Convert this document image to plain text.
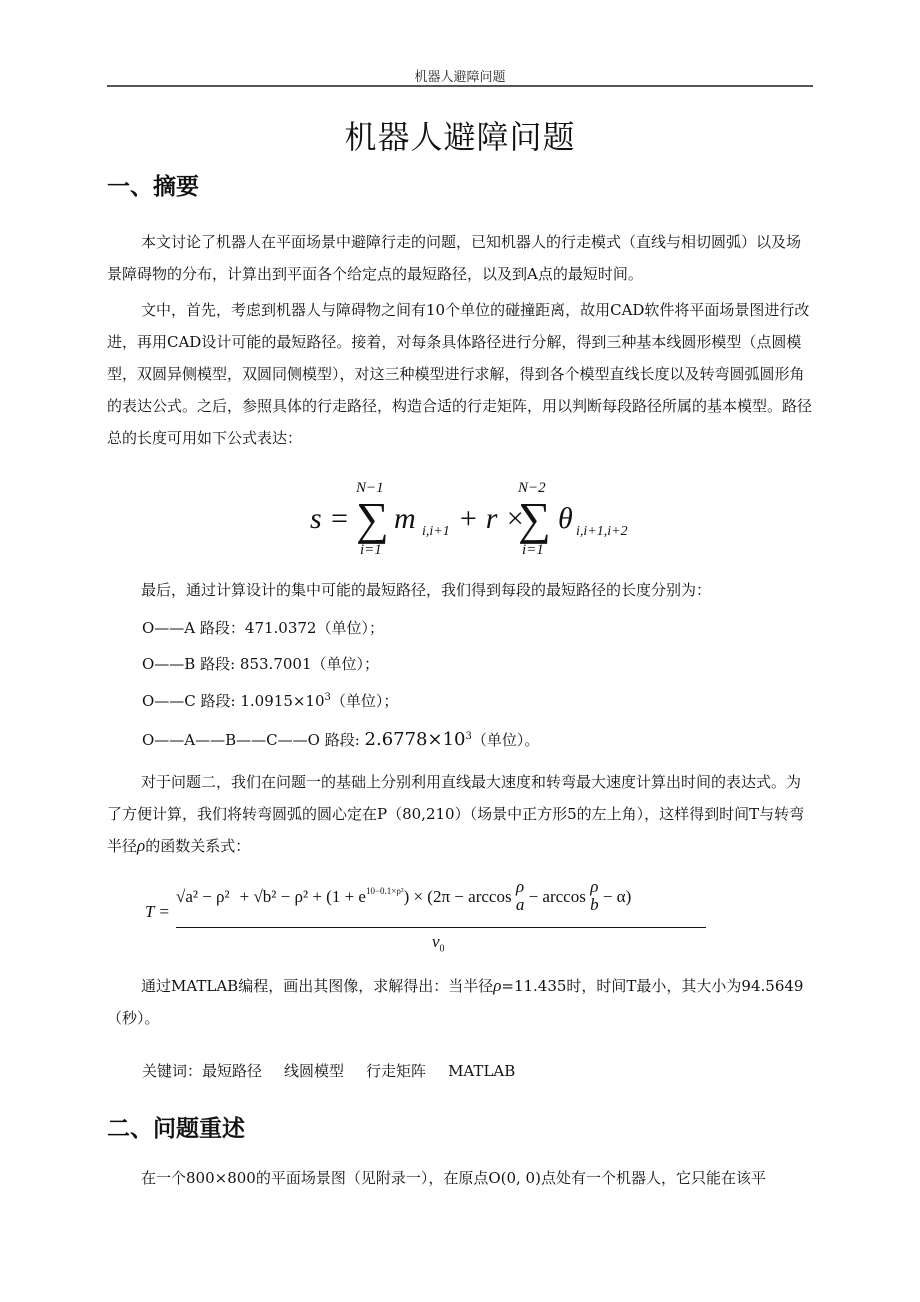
机器人避障问题
机器人避障问题
一、摘要
本文讨论了机器人在平面场景中避障行走的问题，已知机器人的行走模式（直线与相切圆弧）以及场景障碍物的分布，计算出到平面各个给定点的最短路径，以及到A点的最短时间。
文中，首先，考虑到机器人与障碍物之间有10个单位的碰撞距离，故用CAD软件将平面场景图进行改进，再用CAD设计可能的最短路径。接着，对每条具体路径进行分解，得到三种基本线圆形模型（点圆模型，双圆异侧模型，双圆同侧模型），对这三种模型进行求解，得到各个模型直线长度以及转弯圆弧圆形角的表达公式。之后，参照具体的行走路径，构造合适的行走矩阵，用以判断每段路径所属的基本模型。路径总的长度可用如下公式表达：
s =
N−1
∑
i=1
m i,i+1 + r ×
N−2
∑
i=1
θ i,i+1,i+2
最后，通过计算设计的集中可能的最短路径，我们得到每段的最短路径的长度分别为：
O——A 路段：471.0372（单位）；
O——B 路段: 853.7001（单位）；
O——C 路段: $1.0915\times 10^3$（单位）；
O——A——B——C——O 路段: $2.6778\times 10^3$（单位）。
对于问题二，我们在问题一的基础上分别利用直线最大速度和转弯最大速度计算出时间的表达式。为了方便计算，我们将转弯圆弧的圆心定在P（80,210）（场景中正方形5的左上角），这样得到时间T与转弯半径ρ的函数关系式：
T =
$√a^2 - \rho^2 + √b^2 - \rho^2 + (1 + e^{10-0.1\times\rho^2}) \times (2\pi - \arccos$
ρ
a − arccos
ρ
b − α)
$v_0$
通过MATLAB编程，画出其图像，求解得出：当半径ρ=11.435时，时间T最小，其大小为94.5649（秒）。
关键词：最短路径 线圆模型 行走矩阵 MATLAB
二、问题重述
在一个800×800的平面场景图（见附录一），在原点O(0, 0)点处有一个机器人，它只能在该平
